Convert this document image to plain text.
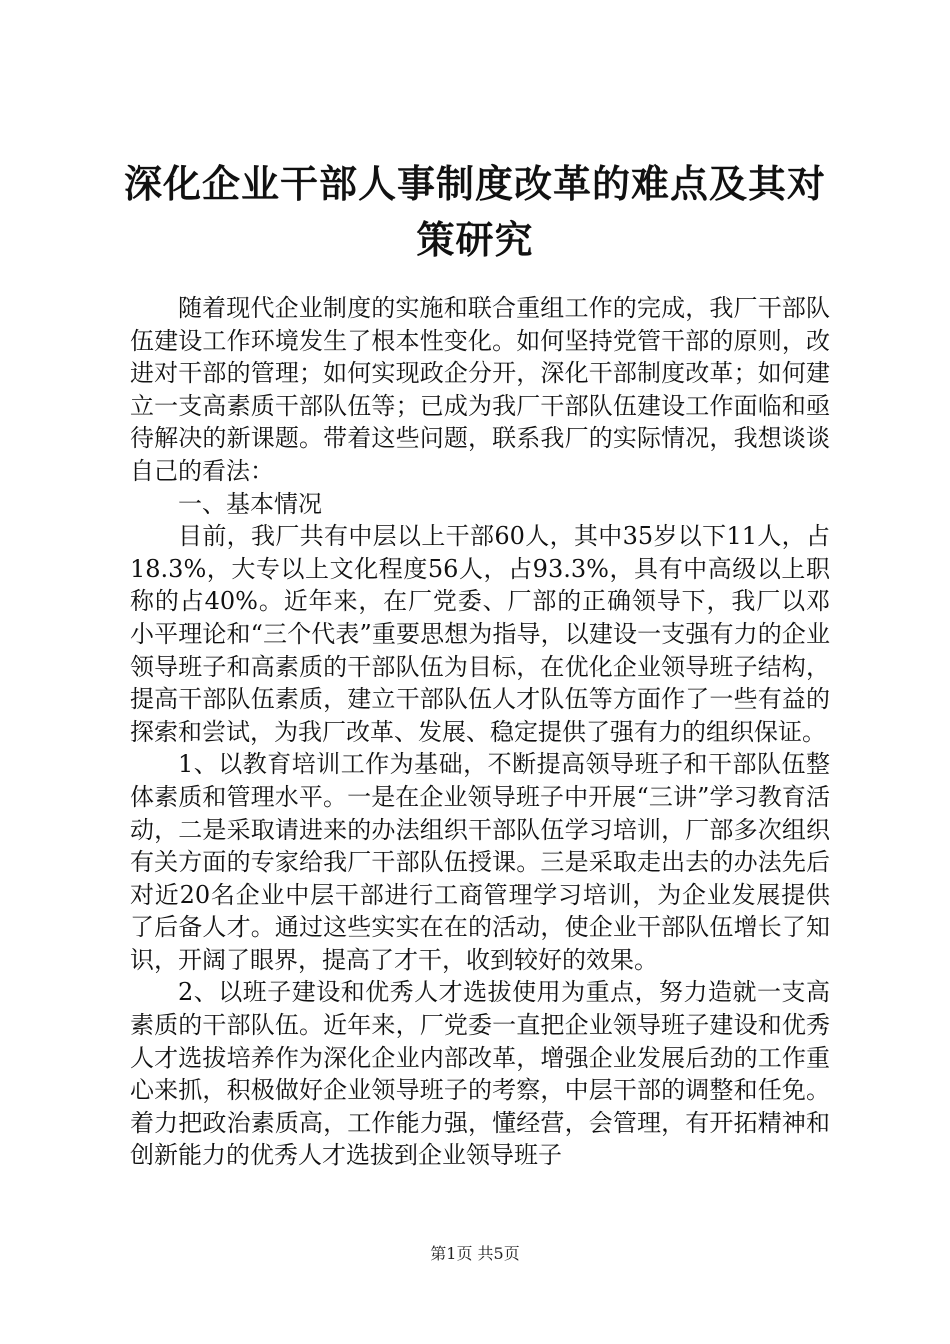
深化企业干部人事制度改革的难点及其对策研究

随着现代企业制度的实施和联合重组工作的完成，我厂干部队伍建设工作环境发生了根本性变化。如何坚持党管干部的原则，改进对干部的管理；如何实现政企分开，深化干部制度改革；如何建立一支高素质干部队伍等；已成为我厂干部队伍建设工作面临和亟待解决的新课题。带着这些问题，联系我厂的实际情况，我想谈谈自己的看法：

一、基本情况

目前，我厂共有中层以上干部60人，其中35岁以下11人，占18.3%，大专以上文化程度56人，占93.3%，具有中高级以上职称的占40%。近年来，在厂党委、厂部的正确领导下，我厂以邓小平理论和“三个代表”重要思想为指导，以建设一支强有力的企业领导班子和高素质的干部队伍为目标，在优化企业领导班子结构，提高干部队伍素质，建立干部队伍人才队伍等方面作了一些有益的探索和尝试，为我厂改革、发展、稳定提供了强有力的组织保证。

1、以教育培训工作为基础，不断提高领导班子和干部队伍整体素质和管理水平。一是在企业领导班子中开展“三讲”学习教育活动，二是采取请进来的办法组织干部队伍学习培训，厂部多次组织有关方面的专家给我厂干部队伍授课。三是采取走出去的办法先后对近20名企业中层干部进行工商管理学习培训，为企业发展提供了后备人才。通过这些实实在在的活动，使企业干部队伍增长了知识，开阔了眼界，提高了才干，收到较好的效果。

2、以班子建设和优秀人才选拔使用为重点，努力造就一支高素质的干部队伍。近年来，厂党委一直把企业领导班子建设和优秀人才选拔培养作为深化企业内部改革，增强企业发展后劲的工作重心来抓，积极做好企业领导班子的考察，中层干部的调整和任免。着力把政治素质高，工作能力强，懂经营，会管理，有开拓精神和创新能力的优秀人才选拔到企业领导班子

第1页 共5页
